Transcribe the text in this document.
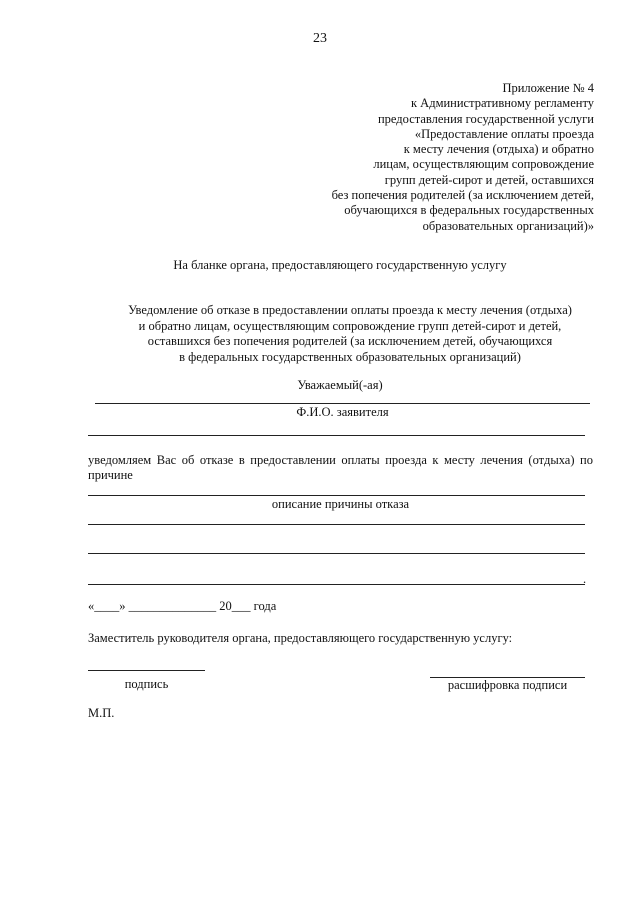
23
Приложение № 4
к Административному регламенту
предоставления государственной услуги
«Предоставление оплаты проезда
к месту лечения (отдыха) и обратно
лицам, осуществляющим сопровождение
групп детей-сирот и детей, оставшихся
без попечения родителей (за исключением детей,
обучающихся в федеральных государственных
образовательных организаций)»
На бланке органа, предоставляющего государственную услугу
Уведомление об отказе в предоставлении оплаты проезда к месту лечения (отдыха)
и обратно лицам, осуществляющим сопровождение групп детей-сирот и детей,
оставшихся без попечения родителей (за исключением детей, обучающихся
в федеральных государственных образовательных организаций)
Уважаемый(-ая)
Ф.И.О. заявителя
уведомляем Вас об отказе в предоставлении оплаты проезда к месту лечения (отдыха) по причине
описание причины отказа
.
«____» ______________ 20___ года
Заместитель руководителя органа, предоставляющего государственную услугу:
подпись	расшифровка подписи
М.П.
